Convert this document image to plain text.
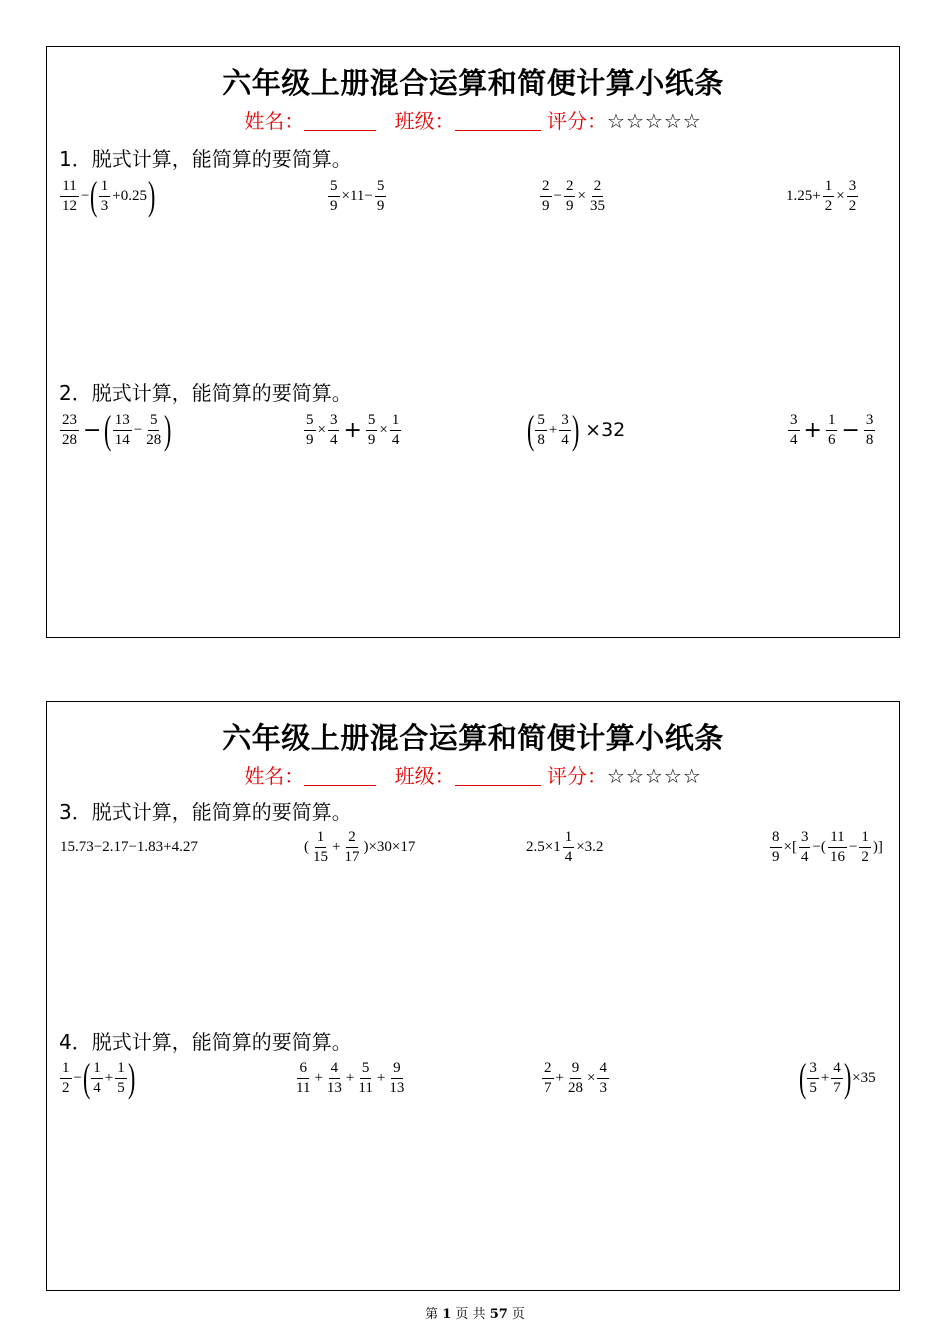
六年级上册混合运算和简便计算小纸条
姓名：	班级：	评分：☆☆☆☆☆
1．脱式计算，能简算的要简算。
$\frac{11}{12}$ − ( $\frac{1}{3} +0.25$ )	$\frac{5}{9} \times 11- \frac{5}{9}$	$\frac{2}{9} - \frac{2}{9} \times \frac{2}{35}$	$1.25+ \frac{1}{2} \times \frac{3}{2}$
2．脱式计算，能简算的要简算。
$\frac{23}{28}$ − ( $\frac{13}{14} - \frac{5}{28}$ )	$\frac{5}{9} \times \frac{3}{4} + \frac{5}{9} \times \frac{1}{4}$	( $\frac{5}{8} + \frac{3}{4}$ ) ×32	$\frac{3}{4} + \frac{1}{6} - \frac{3}{8}$
六年级上册混合运算和简便计算小纸条
姓名：	班级：	评分：☆☆☆☆☆
3．脱式计算，能简算的要简算。
15.73−2.17−1.83+4.27	( $\frac{1}{15} + \frac{2}{17} )\times 30\times 17$	$2.5\times 1 \frac{1}{4} \times 3.2$	$\frac{8}{9}$ ×[ $\frac{3}{4}$ −( $\frac{11}{16} - \frac{1}{2}$ )]
4．脱式计算，能简算的要简算。
$\frac{1}{2}$ − ( $\frac{1}{4} + \frac{1}{5}$ )	$\frac{6}{11} + \frac{4}{13} + \frac{5}{11} + \frac{9}{13}$	$\frac{2}{7} + \frac{9}{28} \times \frac{4}{3}$	( $\frac{3}{5} + \frac{4}{7}$ ) ×35
第 1 页 共 57 页
